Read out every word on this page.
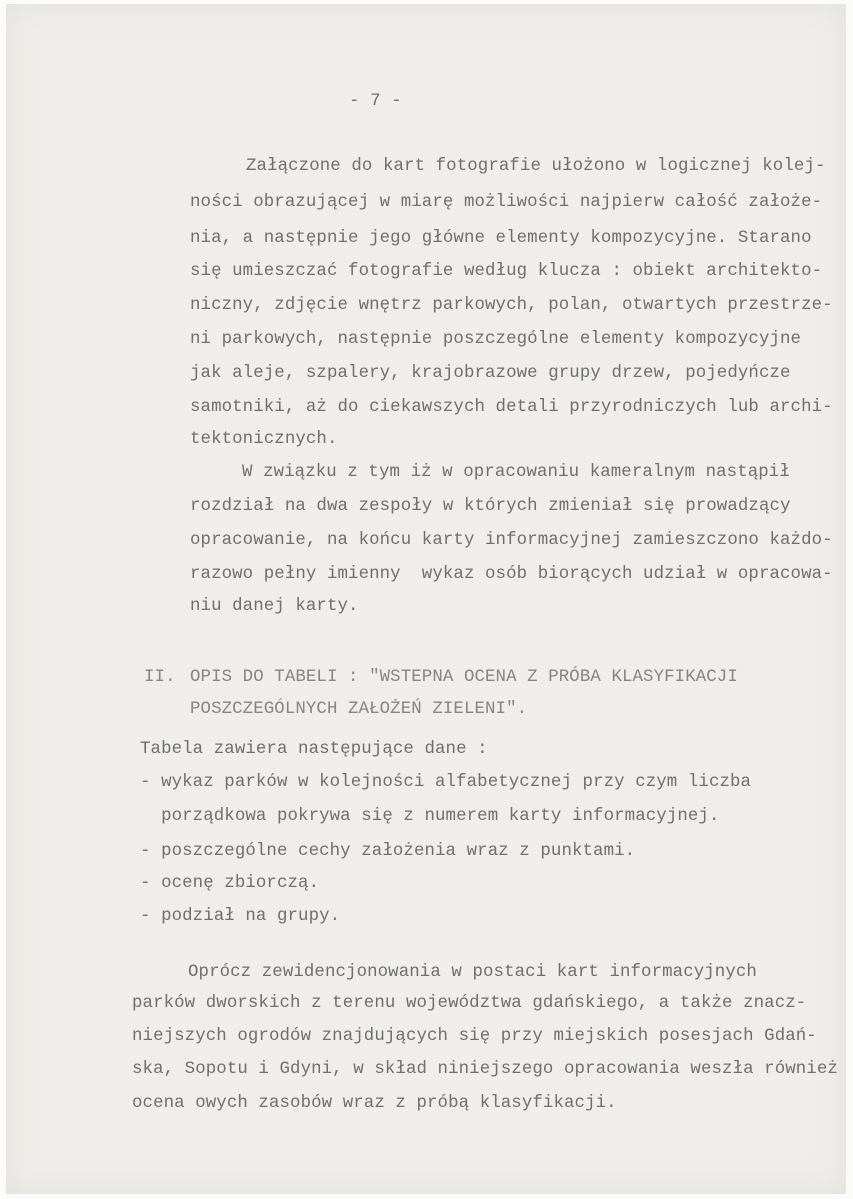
- 7 -
Załączone do kart fotografie ułożono w logicznej kolej-
ności obrazującej w miarę możliwości najpierw całość założe-
nia, a następnie jego główne elementy kompozycyjne. Starano
się umieszczać fotografie według klucza : obiekt architekto-
niczny, zdjęcie wnętrz parkowych, polan, otwartych przestrze-
ni parkowych, następnie poszczególne elementy kompozycyjne
jak aleje, szpalery, krajobrazowe grupy drzew, pojedyńcze
samotniki, aż do ciekawszych detali przyrodniczych lub archi-
tektonicznych.
W związku z tym iż w opracowaniu kameralnym nastąpił
rozdział na dwa zespoły w których zmieniał się prowadzący
opracowanie, na końcu karty informacyjnej zamieszczono każdo-
razowo pełny imienny  wykaz osób biorących udział w opracowa-
niu danej karty.
II. OPIS DO TABELI : "WSTEPNA OCENA Z PRÓBA KLASYFIKACJI
POSZCZEGÓLNYCH ZAŁOŻEŃ ZIELENI".
Tabela zawiera następujące dane :
- wykaz parków w kolejności alfabetycznej przy czym liczba
porządkowa pokrywa się z numerem karty informacyjnej.
- poszczególne cechy założenia wraz z punktami.
- ocenę zbiorczą.
- podział na grupy.
Oprócz zewidencjonowania w postaci kart informacyjnych
parków dworskich z terenu województwa gdańskiego, a także znacz-
niejszych ogrodów znajdujących się przy miejskich posesjach Gdań-
ska, Sopotu i Gdyni, w skład niniejszego opracowania weszła również
ocena owych zasobów wraz z próbą klasyfikacji.
